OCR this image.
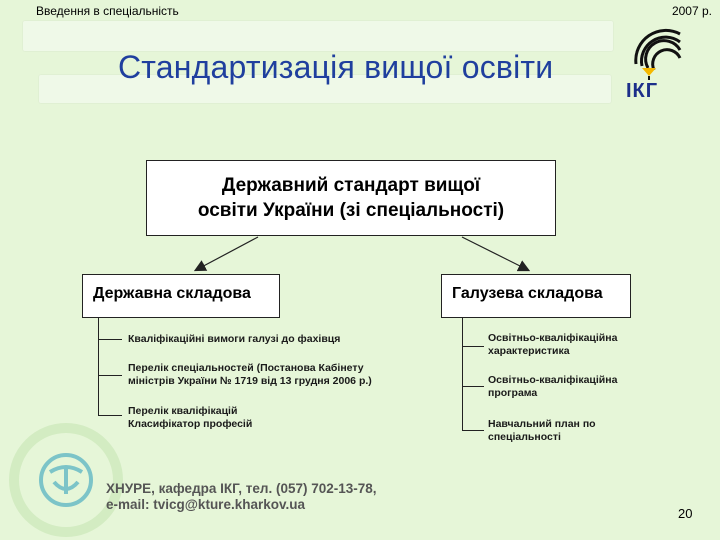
Введення в спеціальність	2007 р.
Стандартизація вищої освіти
ІКГ
Державний стандарт вищої
освіти України (зі спеціальності)
Державна складова	Галузева складова
Кваліфікаційні вимоги галузі до фахівця
Перелік спеціальностей (Постанова Кабінету
міністрів України № 1719 від 13 грудня 2006 р.)
Перелік кваліфікацій
Класифікатор професій
Освітньо-кваліфікаційна
характеристика
Освітньо-кваліфікаційна
програма
Навчальний план по
спеціальності
ХНУРЕ, кафедра ІКГ, тел. (057) 702-13-78,
e-mail: tvicg@kture.kharkov.ua
20
